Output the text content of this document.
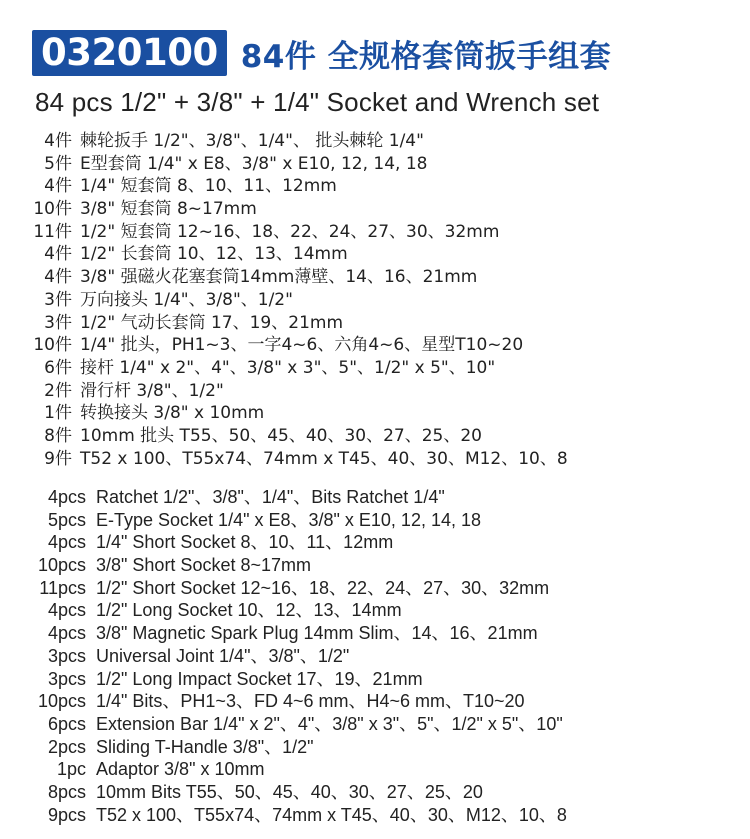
0320100 84件 全规格套筒扳手组套
84 pcs 1/2" + 3/8" + 1/4" Socket and Wrench set
4件 棘轮扳手 1/2"、3/8"、1/4"、 批头棘轮 1/4"
5件 E型套筒 1/4" x E8、3/8" x E10, 12, 14, 18
4件 1/4" 短套筒 8、10、11、12mm
10件 3/8" 短套筒 8~17mm
11件 1/2" 短套筒 12~16、18、22、24、27、30、32mm
4件 1/2" 长套筒 10、12、13、14mm
4件 3/8" 强磁火花塞套筒14mm薄壁、14、16、21mm
3件 万向接头 1/4"、3/8"、1/2"
3件 1/2" 气动长套筒 17、19、21mm
10件 1/4" 批头，PH1~3、一字4~6、六角4~6、星型T10~20
6件 接杆 1/4" x 2"、4"、3/8" x 3"、5"、1/2" x 5"、10"
2件 滑行杆 3/8"、1/2"
1件 转换接头 3/8" x 10mm
8件 10mm 批头 T55、50、45、40、30、27、25、20
9件 T52 x 100、T55x74、74mm x T45、40、30、M12、10、8
4pcs Ratchet 1/2"、3/8"、1/4"、Bits Ratchet 1/4"
5pcs E-Type Socket 1/4" x E8、3/8" x E10, 12, 14, 18
4pcs 1/4" Short Socket 8、10、11、12mm
10pcs 3/8" Short Socket 8~17mm
11pcs 1/2" Short Socket 12~16、18、22、24、27、30、32mm
4pcs 1/2" Long Socket 10、12、13、14mm
4pcs 3/8" Magnetic Spark Plug 14mm Slim、14、16、21mm
3pcs Universal Joint 1/4"、3/8"、1/2"
3pcs 1/2" Long Impact Socket 17、19、21mm
10pcs 1/4" Bits、PH1~3、FD 4~6 mm、H4~6 mm、T10~20
6pcs Extension Bar 1/4" x 2"、4"、3/8" x 3"、5"、1/2" x 5"、10"
2pcs Sliding T-Handle 3/8"、1/2"
1pc Adaptor 3/8" x 10mm
8pcs 10mm Bits T55、50、45、40、30、27、25、20
9pcs T52 x 100、T55x74、74mm x T45、40、30、M12、10、8
